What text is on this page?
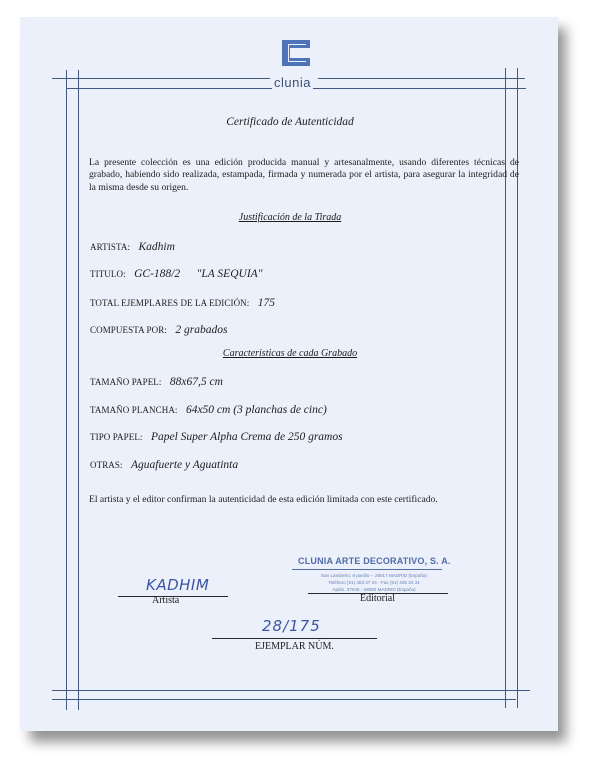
clunia
Certificado de Autenticidad
La presente colección es una edición producida manual y artesanalmente, usando diferentes técnicas de grabado, habiendo sido realizada, estampada, firmada y numerada por el artista, para asegurar la integridad de la misma desde su origen.
Justificación de la Tirada
ARTISTA: Kadhim
TITULO: GC-188/2 "LA SEQUIA"
TOTAL EJEMPLARES DE LA EDICIÓN: 175
COMPUESTA POR: 2 grabados
Caracteristicas de cada Grabado
TAMAÑO PAPEL: 88x67,5 cm
TAMAÑO PLANCHA: 64x50 cm (3 planchas de cinc)
TIPO PAPEL: Papel Super Alpha Crema de 250 gramos
OTRAS: Aguafuerte y Aguatinta
El artista y el editor confirman la autenticidad de esta edición limitada con este certificado.
CLUNIA ARTE DECORATIVO, S. A.
San Lamberto, 9 pasillo -- 28017 MADRID (España)
Teléfono (91) 403 37 04 - Fax (91) 405 34 31
Apido. 37049 - 28080 MADRID (España)
KADHIM
Artista	Editorial
28/175
EJEMPLAR NÚM.
